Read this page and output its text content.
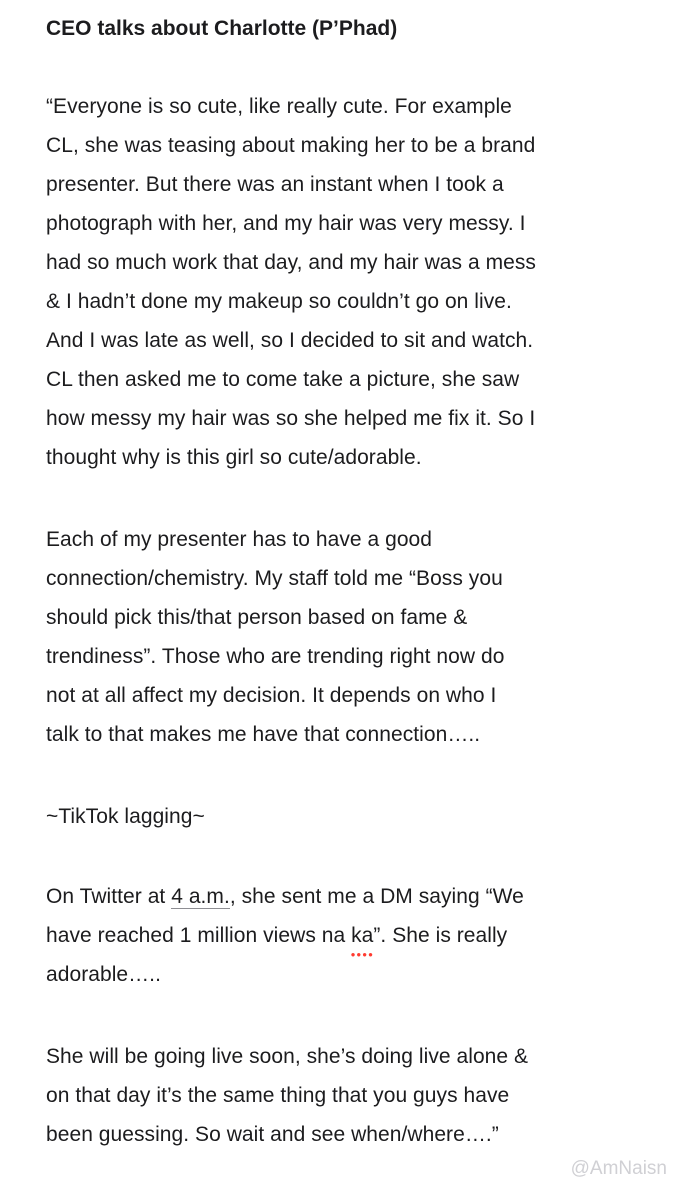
CEO talks about Charlotte (P’Phad)
“Everyone is so cute, like really cute. For example
CL, she was teasing about making her to be a brand
presenter. But there was an instant when I took a
photograph with her, and my hair was very messy. I
had so much work that day, and my hair was a mess
& I hadn’t done my makeup so couldn’t go on live.
And I was late as well, so I decided to sit and watch.
CL then asked me to come take a picture, she saw
how messy my hair was so she helped me fix it. So I
thought why is this girl so cute/adorable.
Each of my presenter has to have a good
connection/chemistry. My staff told me “Boss you
should pick this/that person based on fame &
trendiness”. Those who are trending right now do
not at all affect my decision. It depends on who I
talk to that makes me have that connection…..
~TikTok lagging~
On Twitter at 4 a.m., she sent me a DM saying “We
have reached 1 million views na ka
●●●●
”. She is really
adorable…..
She will be going live soon, she’s doing live alone &
on that day it’s the same thing that you guys have
been guessing. So wait and see when/where….”
@AmNaisn
